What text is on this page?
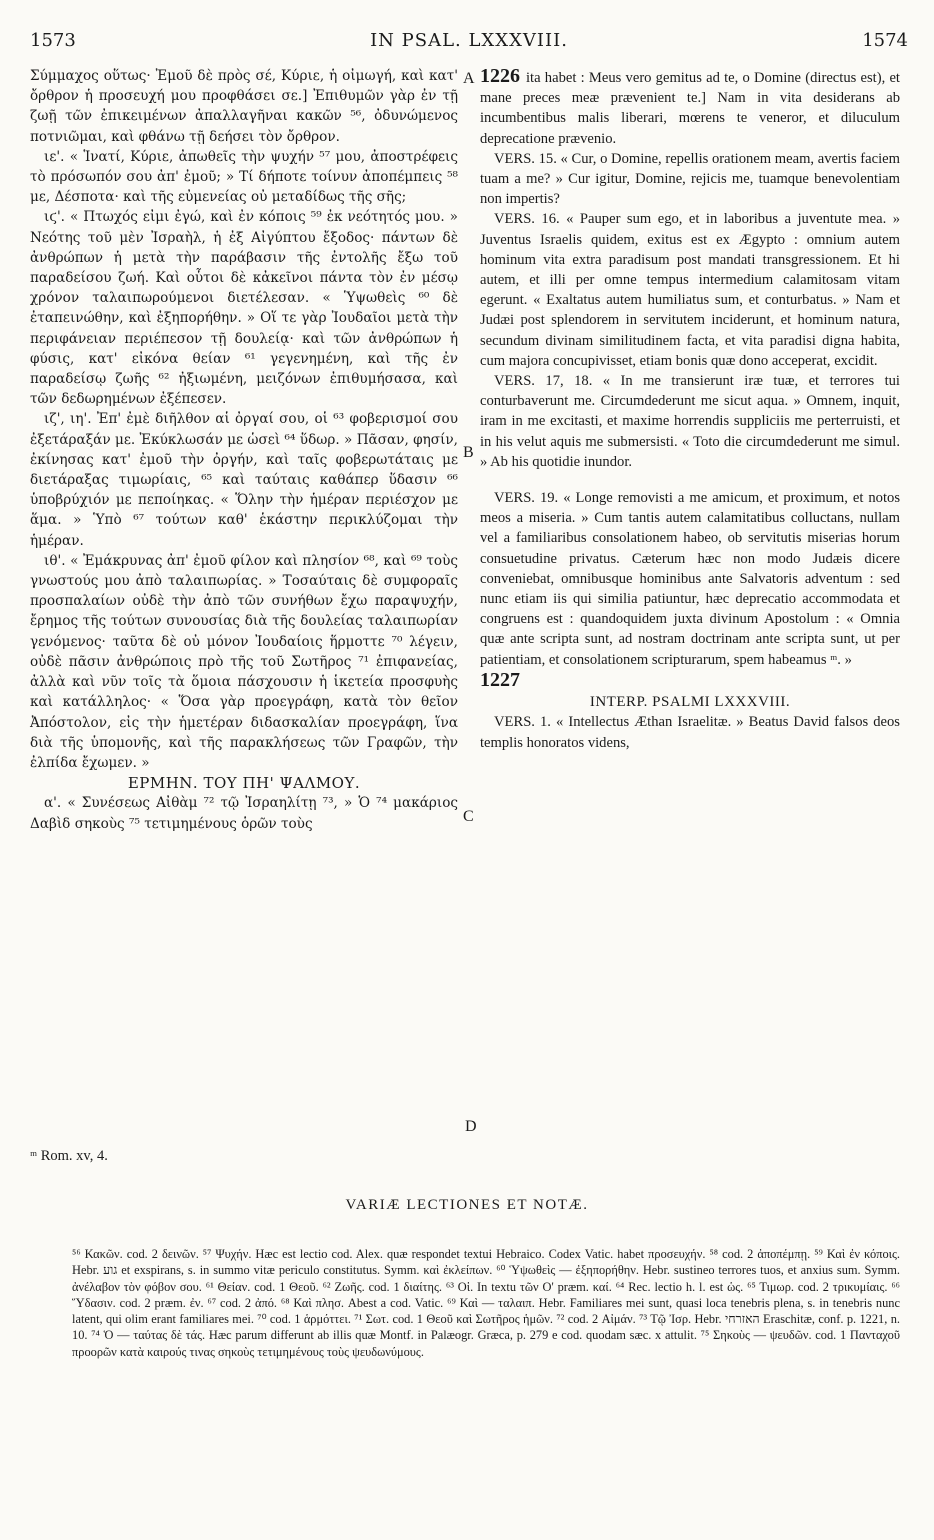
1573	IN PSAL. LXXXVIII.	1574
A
B
C
D

Σύμμαχος οὕτως· Ἐμοῦ δὲ πρὸς σέ, Κύριε, ἡ οἰμωγή, καὶ κατ' ὄρθρον ἡ προσευχή μου προφθάσει σε.] Ἐπιθυμῶν γὰρ ἐν τῇ ζωῇ τῶν ἐπικειμένων ἀπαλλαγῆναι κακῶν ⁵⁶, ὀδυνώμενος ποτνιῶμαι, καὶ φθάνω τῇ δεήσει τὸν ὄρθρον.

ιε'. « Ἱνατί, Κύριε, ἀπωθεῖς τὴν ψυχήν ⁵⁷ μου, ἀποστρέφεις τὸ πρόσωπόν σου ἀπ' ἐμοῦ; » Τί δήποτε τοίνυν ἀποπέμπεις ⁵⁸ με, Δέσποτα· καὶ τῆς εὐμενείας οὐ μεταδίδως τῆς σῆς;

ιϛ'. « Πτωχός εἰμι ἐγώ, καὶ ἐν κόποις ⁵⁹ ἐκ νεότητός μου. » Νεότης τοῦ μὲν Ἰσραὴλ, ἡ ἐξ Αἰγύπτου ἔξοδος· πάντων δὲ ἀνθρώπων ἡ μετὰ τὴν παράβασιν τῆς ἐντολῆς ἔξω τοῦ παραδείσου ζωή. Καὶ οὗτοι δὲ κἀκεῖνοι πάντα τὸν ἐν μέσῳ χρόνον ταλαιπωρούμενοι διετέλεσαν. « Ὑψωθεὶς ⁶⁰ δὲ ἐταπεινώθην, καὶ ἐξηπορήθην. » Οἵ τε γὰρ Ἰουδαῖοι μετὰ τὴν περιφάνειαν περιέπεσον τῇ δουλείᾳ· καὶ τῶν ἀνθρώπων ἡ φύσις, κατ' εἰκόνα θείαν ⁶¹ γεγενημένη, καὶ τῆς ἐν παραδείσῳ ζωῆς ⁶² ἠξιωμένη, μειζόνων ἐπιθυμήσασα, καὶ τῶν δεδωρημένων ἐξέπεσεν.

ιζ', ιη'. Ἐπ' ἐμὲ διῆλθον αἱ ὀργαί σου, οἱ ⁶³ φοβερισμοί σου ἐξετάραξάν με. Ἐκύκλωσάν με ὡσεὶ ⁶⁴ ὕδωρ. » Πᾶσαν, φησίν, ἐκίνησας κατ' ἐμοῦ τὴν ὀργήν, καὶ ταῖς φοβερωτάταις με διετάραξας τιμωρίαις, ⁶⁵ καὶ ταύταις καθάπερ ὕδασιν ⁶⁶ ὑποβρύχιόν με πεποίηκας. « Ὅλην τὴν ἡμέραν περιέσχον με ἅμα. » Ὑπὸ ⁶⁷ τούτων καθ' ἑκάστην περικλύζομαι τὴν ἡμέραν.

ιθ'. « Ἐμάκρυνας ἀπ' ἐμοῦ φίλον καὶ πλησίον ⁶⁸, καὶ ⁶⁹ τοὺς γνωστούς μου ἀπὸ ταλαιπωρίας. » Τοσαύταις δὲ συμφοραῖς προσπαλαίων οὐδὲ τὴν ἀπὸ τῶν συνήθων ἔχω παραψυχήν, ἔρημος τῆς τούτων συνουσίας διὰ τῆς δουλείας ταλαιπωρίαν γενόμενος· ταῦτα δὲ οὐ μόνον Ἰουδαίοις ἥρμοττε ⁷⁰ λέγειν, οὐδὲ πᾶσιν ἀνθρώποις πρὸ τῆς τοῦ Σωτῆρος ⁷¹ ἐπιφανείας, ἀλλὰ καὶ νῦν τοῖς τὰ ὅμοια πάσχουσιν ἡ ἱκετεία προσφυὴς καὶ κατάλληλος· « Ὅσα γὰρ προεγράφη, κατὰ τὸν θεῖον Ἀπόστολον, εἰς τὴν ἡμετέραν διδασκαλίαν προεγράφη, ἵνα διὰ τῆς ὑπομονῆς, καὶ τῆς παρακλήσεως τῶν Γραφῶν, τὴν ἐλπίδα ἔχωμεν. »

ΕΡΜΗΝ. ΤΟΥ ΠΗ' ΨΑΛΜΟΥ.

α'. « Συνέσεως Αἰθὰμ ⁷² τῷ Ἰσραηλίτῃ ⁷³, » Ὁ ⁷⁴ μακάριος Δαβὶδ σηκοὺς ⁷⁵ τετιμημένους ὁρῶν τοὺς

1226 ita habet : Meus vero gemitus ad te, o Domine (directus est), et mane preces meæ prævenient te.] Nam in vita desiderans ab incumbentibus malis liberari, mœrens te veneror, et diluculum deprecatione prævenio.

VERS. 15. « Cur, o Domine, repellis orationem meam, avertis faciem tuam a me? » Cur igitur, Domine, rejicis me, tuamque benevolentiam non impertis?

VERS. 16. « Pauper sum ego, et in laboribus a juventute mea. » Juventus Israelis quidem, exitus est ex Ægypto : omnium autem hominum vita extra paradisum post mandati transgressionem. Et hi autem, et illi per omne tempus intermedium calamitosam vitam egerunt. « Exaltatus autem humiliatus sum, et conturbatus. » Nam et Judæi post splendorem in servitutem inciderunt, et hominum natura, secundum divinam similitudinem facta, et vita paradisi digna habita, cum majora concupivisset, etiam bonis quæ dono acceperat, excidit.

VERS. 17, 18. « In me transierunt iræ tuæ, et terrores tui conturbaverunt me. Circumdederunt me sicut aqua. » Omnem, inquit, iram in me excitasti, et maxime horrendis suppliciis me perterruisti, et in his velut aquis me submersisti. « Toto die circumdederunt me simul. » Ab his quotidie inundor.

VERS. 19. « Longe removisti a me amicum, et proximum, et notos meos a miseria. » Cum tantis autem calamitatibus colluctans, nullam vel a familiaribus consolationem habeo, ob servitutis miserias horum consuetudine privatus. Cæterum hæc non modo Judæis dicere conveniebat, omnibusque hominibus ante Salvatoris adventum : sed nunc etiam iis qui similia patiuntur, hæc deprecatio accommodata et congruens est : quandoquidem juxta divinum Apostolum : « Omnia quæ ante scripta sunt, ad nostram doctrinam ante scripta sunt, ut per patientiam, et consolationem scripturarum, spem habeamus ᵐ. »

1227

INTERP. PSALMI LXXXVIII.

VERS. 1. « Intellectus Æthan Israelitæ. » Beatus David falsos deos templis honoratos videns,

ᵐ Rom. xv, 4.
VARIÆ LECTIONES ET NOTÆ.

⁵⁶ Κακῶν. cod. 2 δεινῶν. ⁵⁷ Ψυχήν. Hæc est lectio cod. Alex. quæ respondet textui Hebraico. Codex Vatic. habet προσευχήν. ⁵⁸ cod. 2 ἀποπέμπῃ. ⁵⁹ Καὶ ἐν κόποις. Hebr. גוע et exspirans, s. in summo vitæ periculo constitutus. Symm. καὶ ἐκλείπων. ⁶⁰ Ὑψωθεὶς — ἐξηπορήθην. Hebr. sustineo terrores tuos, et anxius sum. Symm. ἀνέλαβον τὸν φόβον σου. ⁶¹ Θείαν. cod. 1 Θεοῦ. ⁶² Ζωῆς. cod. 1 διαίτης. ⁶³ Οἱ. In textu τῶν Ο' præm. καί. ⁶⁴ Rec. lectio h. l. est ὡς. ⁶⁵ Τιμωρ. cod. 2 τρικυμίαις. ⁶⁶ Ὕδασιν. cod. 2 præm. ἐν. ⁶⁷ cod. 2 ἀπό. ⁶⁸ Καὶ πλησ. Abest a cod. Vatic. ⁶⁹ Καὶ — ταλαιπ. Hebr. Familiares mei sunt, quasi loca tenebris plena, s. in tenebris nunc latent, qui olim erant familiares mei. ⁷⁰ cod. 1 ἁρμόττει. ⁷¹ Σωτ. cod. 1 Θεοῦ καὶ Σωτῆρος ἡμῶν. ⁷² cod. 2 Αἰμάν. ⁷³ Τῷ Ἰσρ. Hebr. האזרחי Eraschitæ, conf. p. 1221, n. 10. ⁷⁴ Ὁ — ταύτας δὲ τάς. Hæc parum differunt ab illis quæ Montf. in Palæogr. Græca, p. 279 e cod. quodam sæc. x attulit. ⁷⁵ Σηκοὺς — ψευδῶν. cod. 1 Πανταχοῦ προορῶν κατὰ καιρούς τινας σηκοὺς τετιμημένους τοὺς ψευδωνύμους.
